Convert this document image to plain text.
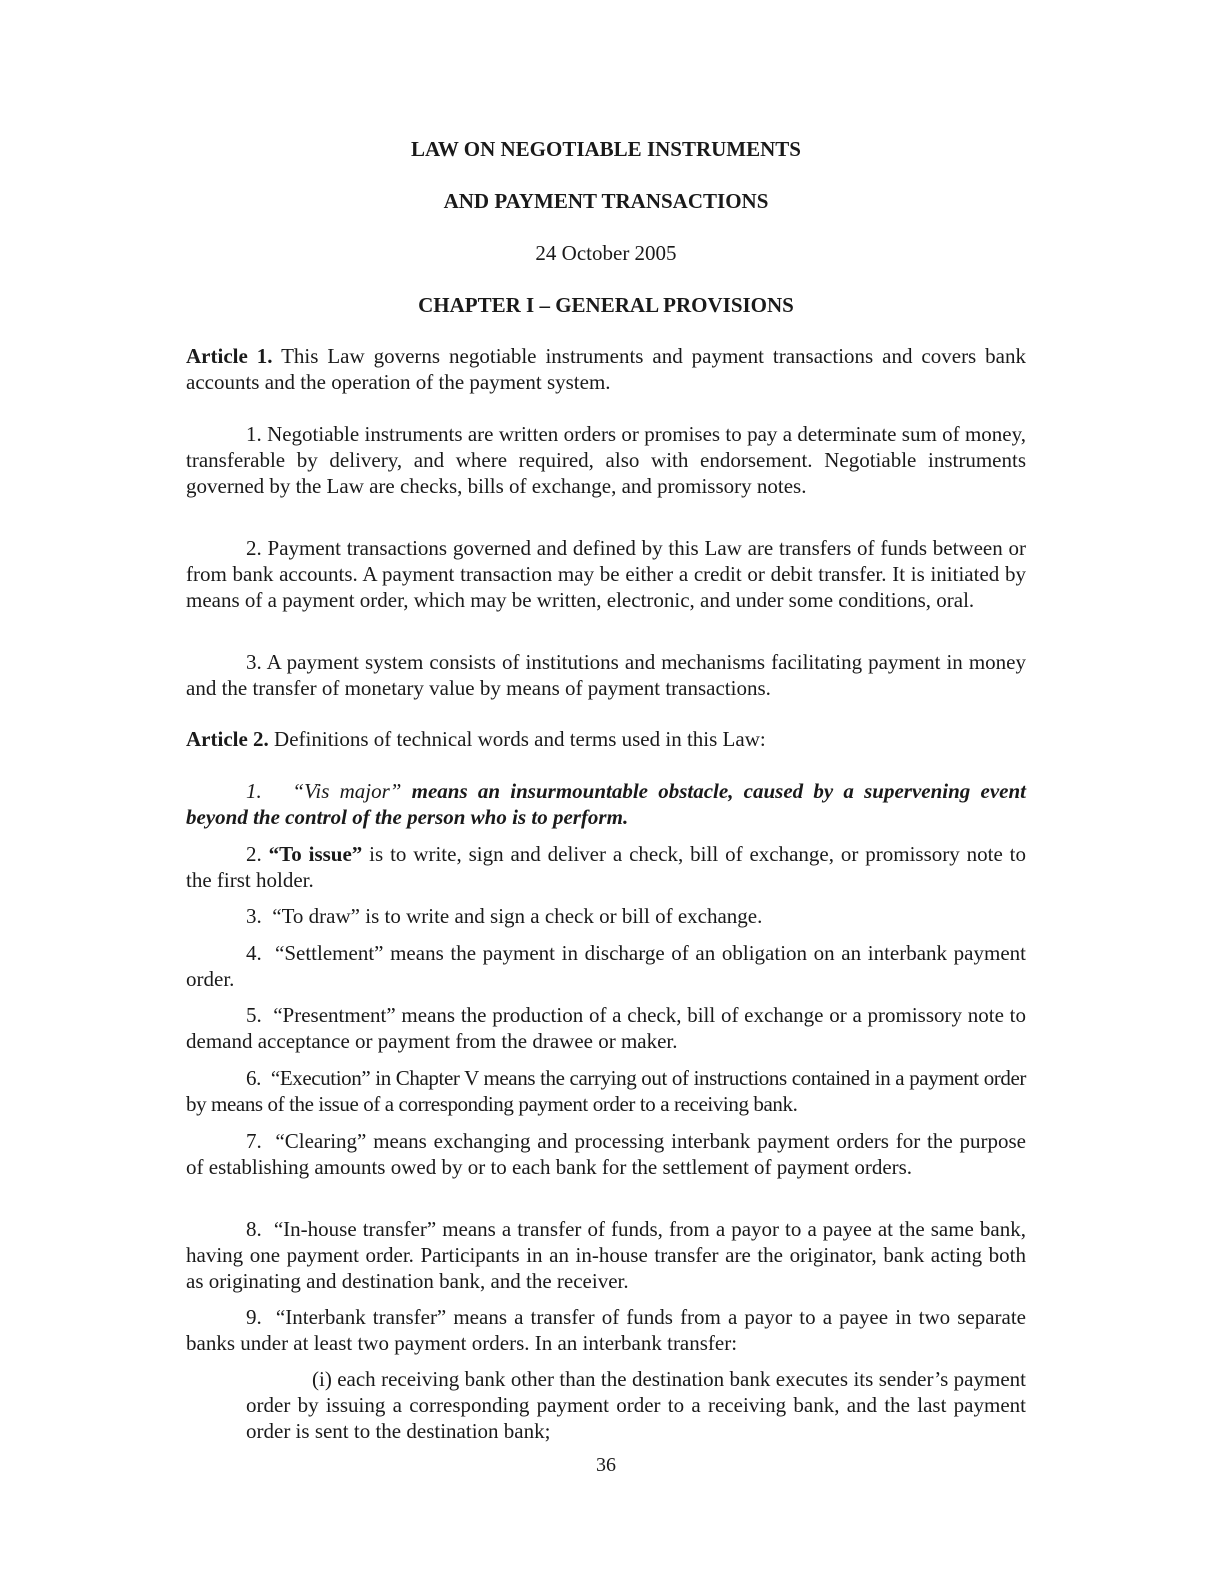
LAW ON NEGOTIABLE INSTRUMENTS
AND PAYMENT TRANSACTIONS
24 October 2005
CHAPTER I – GENERAL PROVISIONS

Article 1. This Law governs negotiable instruments and payment transactions and covers bank accounts and the operation of the payment system.

1. Negotiable instruments are written orders or promises to pay a determinate sum of money, transferable by delivery, and where required, also with endorsement. Negotiable instruments governed by the Law are checks, bills of exchange, and promissory notes.

2. Payment transactions governed and defined by this Law are transfers of funds between or from bank accounts. A payment transaction may be either a credit or debit transfer. It is initiated by means of a payment order, which may be written, electronic, and under some conditions, oral.

3. A payment system consists of institutions and mechanisms facilitating payment in money and the transfer of monetary value by means of payment transactions.

Article 2. Definitions of technical words and terms used in this Law:

1. “Vis major” means an insurmountable obstacle, caused by a supervening event beyond the control of the person who is to perform.

2. “To issue” is to write, sign and deliver a check, bill of exchange, or promissory note to the first holder.

3.  “To draw” is to write and sign a check or bill of exchange.

4.  “Settlement” means the payment in discharge of an obligation on an interbank payment order.

5.  “Presentment” means the production of a check, bill of exchange or a promissory note to demand acceptance or payment from the drawee or maker.

6.  “Execution” in Chapter V means the carrying out of instructions contained in a payment order by means of the issue of a corresponding payment order to a receiving bank.

7.  “Clearing” means exchanging and processing interbank payment orders for the purpose of establishing amounts owed by or to each bank for the settlement of payment orders.

8.  “In-house transfer” means a transfer of funds, from a payor to a payee at the same bank, having one payment order. Participants in an in-house transfer are the originator, bank acting both as originating and destination bank, and the receiver.

9.  “Interbank transfer” means a transfer of funds from a payor to a payee in two separate banks under at least two payment orders. In an interbank transfer:

(i) each receiving bank other than the destination bank executes its sender’s payment order by issuing a corresponding payment order to a receiving bank, and the last payment order is sent to the destination bank;

36
